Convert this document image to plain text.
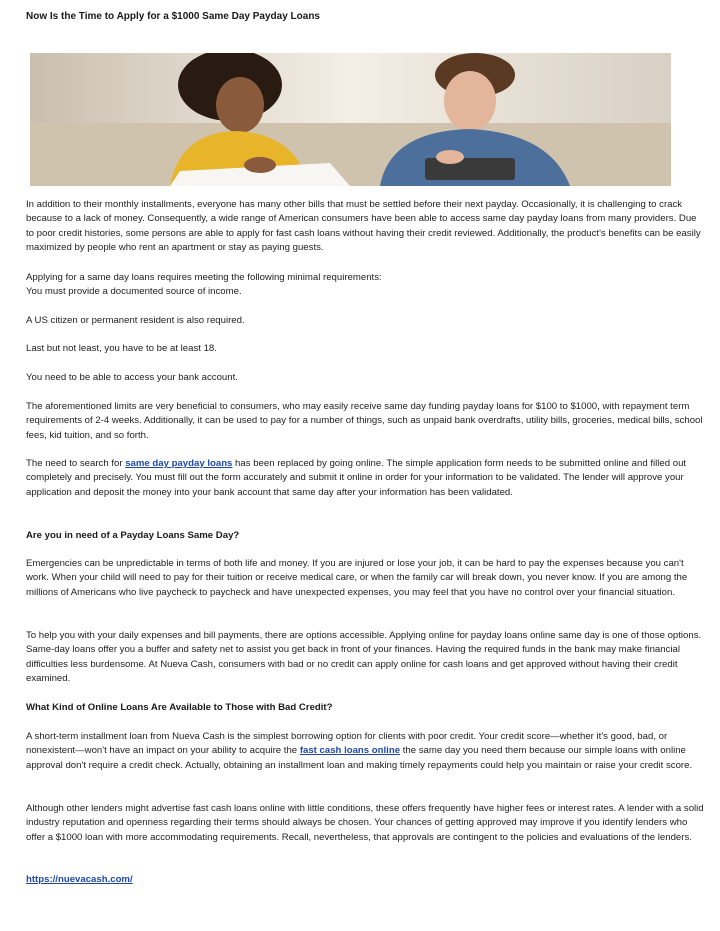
Now Is the Time to Apply for a $1000 Same Day Payday Loans

In addition to their monthly installments, everyone has many other bills that must be settled before their next payday. Occasionally, it is challenging to crack because to a lack of money. Consequently, a wide range of American consumers have been able to access same day payday loans from many providers. Due to poor credit histories, some persons are able to apply for fast cash loans without having their credit reviewed. Additionally, the product's benefits can be easily maximized by people who rent an apartment or stay as paying guests.

Applying for a same day loans requires meeting the following minimal requirements:

You must provide a documented source of income.

A US citizen or permanent resident is also required.

Last but not least, you have to be at least 18.

You need to be able to access your bank account.

The aforementioned limits are very beneficial to consumers, who may easily receive same day funding payday loans for $100 to $1000, with repayment term requirements of 2-4 weeks. Additionally, it can be used to pay for a number of things, such as unpaid bank overdrafts, utility bills, groceries, medical bills, school fees, kid tuition, and so forth.

The need to search for same day payday loans has been replaced by going online. The simple application form needs to be submitted online and filled out completely and precisely. You must fill out the form accurately and submit it online in order for your information to be validated. The lender will approve your application and deposit the money into your bank account that same day after your information has been validated.

Are you in need of a Payday Loans Same Day?

Emergencies can be unpredictable in terms of both life and money. If you are injured or lose your job, it can be hard to pay the expenses because you can't work. When your child will need to pay for their tuition or receive medical care, or when the family car will break down, you never know. If you are among the millions of Americans who live paycheck to paycheck and have unexpected expenses, you may feel that you have no control over your financial situation.

To help you with your daily expenses and bill payments, there are options accessible. Applying online for payday loans online same day is one of those options. Same-day loans offer you a buffer and safety net to assist you get back in front of your finances. Having the required funds in the bank may make financial difficulties less burdensome. At Nueva Cash, consumers with bad or no credit can apply online for cash loans and get approved without having their credit examined.

What Kind of Online Loans Are Available to Those with Bad Credit?

A short-term installment loan from Nueva Cash is the simplest borrowing option for clients with poor credit. Your credit score—whether it's good, bad, or nonexistent—won't have an impact on your ability to acquire the fast cash loans online the same day you need them because our simple loans with online approval don't require a credit check. Actually, obtaining an installment loan and making timely repayments could help you maintain or raise your credit score.

Although other lenders might advertise fast cash loans online with little conditions, these offers frequently have higher fees or interest rates. A lender with a solid industry reputation and openness regarding their terms should always be chosen. Your chances of getting approved may improve if you identify lenders who offer a $1000 loan with more accommodating requirements. Recall, nevertheless, that approvals are contingent to the policies and evaluations of the lenders.

https://nuevacash.com/
